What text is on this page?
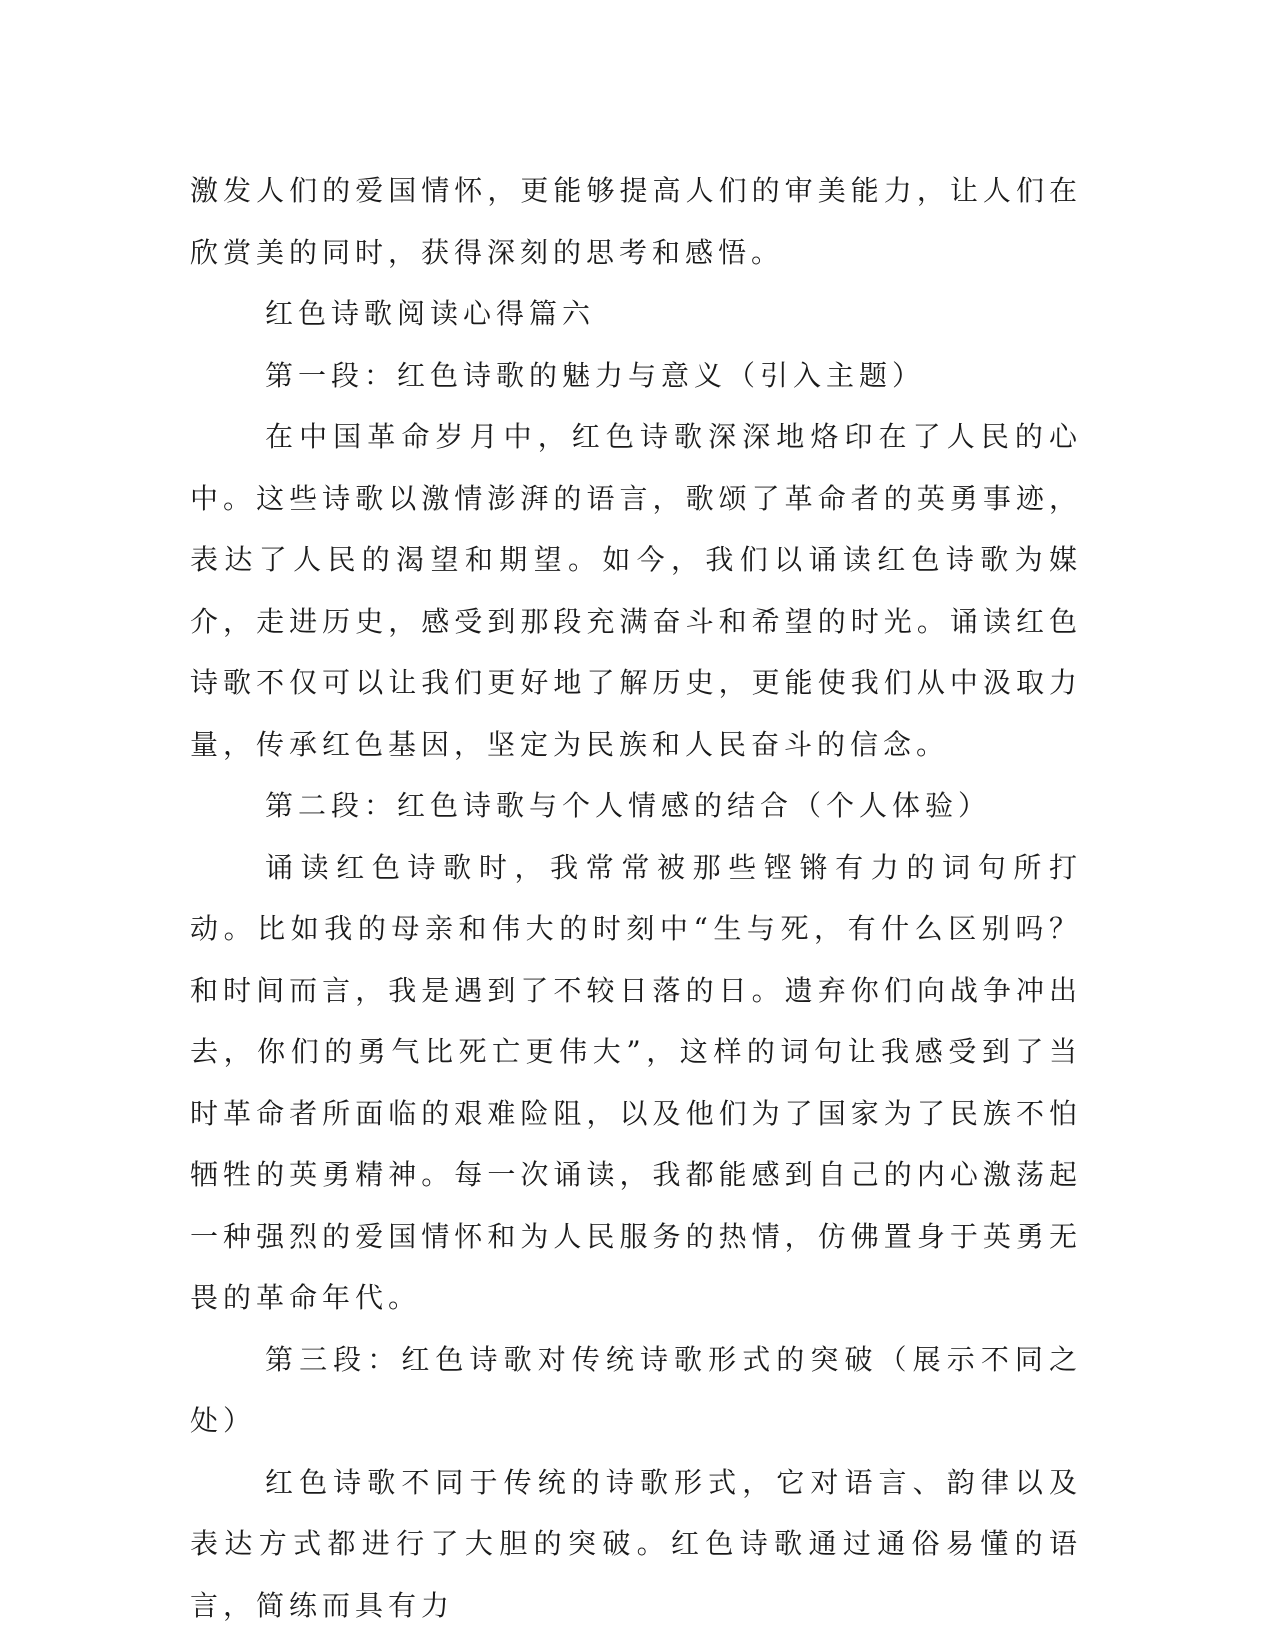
激发人们的爱国情怀，更能够提高人们的审美能力，让人们在欣赏美的同时，获得深刻的思考和感悟。

红色诗歌阅读心得篇六

第一段：红色诗歌的魅力与意义（引入主题）

在中国革命岁月中，红色诗歌深深地烙印在了人民的心中。这些诗歌以激情澎湃的语言，歌颂了革命者的英勇事迹，表达了人民的渴望和期望。如今，我们以诵读红色诗歌为媒介，走进历史，感受到那段充满奋斗和希望的时光。诵读红色诗歌不仅可以让我们更好地了解历史，更能使我们从中汲取力量，传承红色基因，坚定为民族和人民奋斗的信念。

第二段：红色诗歌与个人情感的结合（个人体验）

诵读红色诗歌时，我常常被那些铿锵有力的词句所打动。比如我的母亲和伟大的时刻中“生与死，有什么区别吗？和时间而言，我是遇到了不较日落的日。遗弃你们向战争冲出去，你们的勇气比死亡更伟大”，这样的词句让我感受到了当时革命者所面临的艰难险阻，以及他们为了国家为了民族不怕牺牲的英勇精神。每一次诵读，我都能感到自己的内心激荡起一种强烈的爱国情怀和为人民服务的热情，仿佛置身于英勇无畏的革命年代。

第三段：红色诗歌对传统诗歌形式的突破（展示不同之处）

红色诗歌不同于传统的诗歌形式，它对语言、韵律以及表达方式都进行了大胆的突破。红色诗歌通过通俗易懂的语言，简练而具有力
